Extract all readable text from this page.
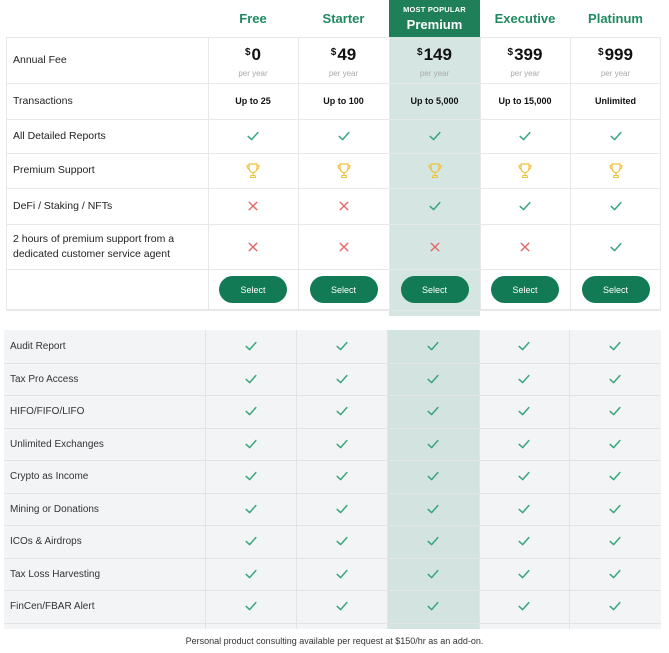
Free	Starter
MOST POPULAR
Premium Executive	Platinum
Annual Fee
Transactions
All Detailed Reports
Premium Support
DeFi / Staking / NFTs
2 hours of premium support from a dedicated customer service agent
$ 0
per year
Up to 25
Select
$ 49
per year
Up to 100
Select
$ 149
per year
Up to 5,000
Select
$ 399
per year
Up to 15,000
Select
$ 999
per year
Unlimited
Select
Audit Report
Tax Pro Access
HIFO/FIFO/LIFO
Unlimited Exchanges
Crypto as Income
Mining or Donations
ICOs & Airdrops
Tax Loss Harvesting
FinCen/FBAR Alert
Personal product consulting available per request at $150/hr as an add-on.
